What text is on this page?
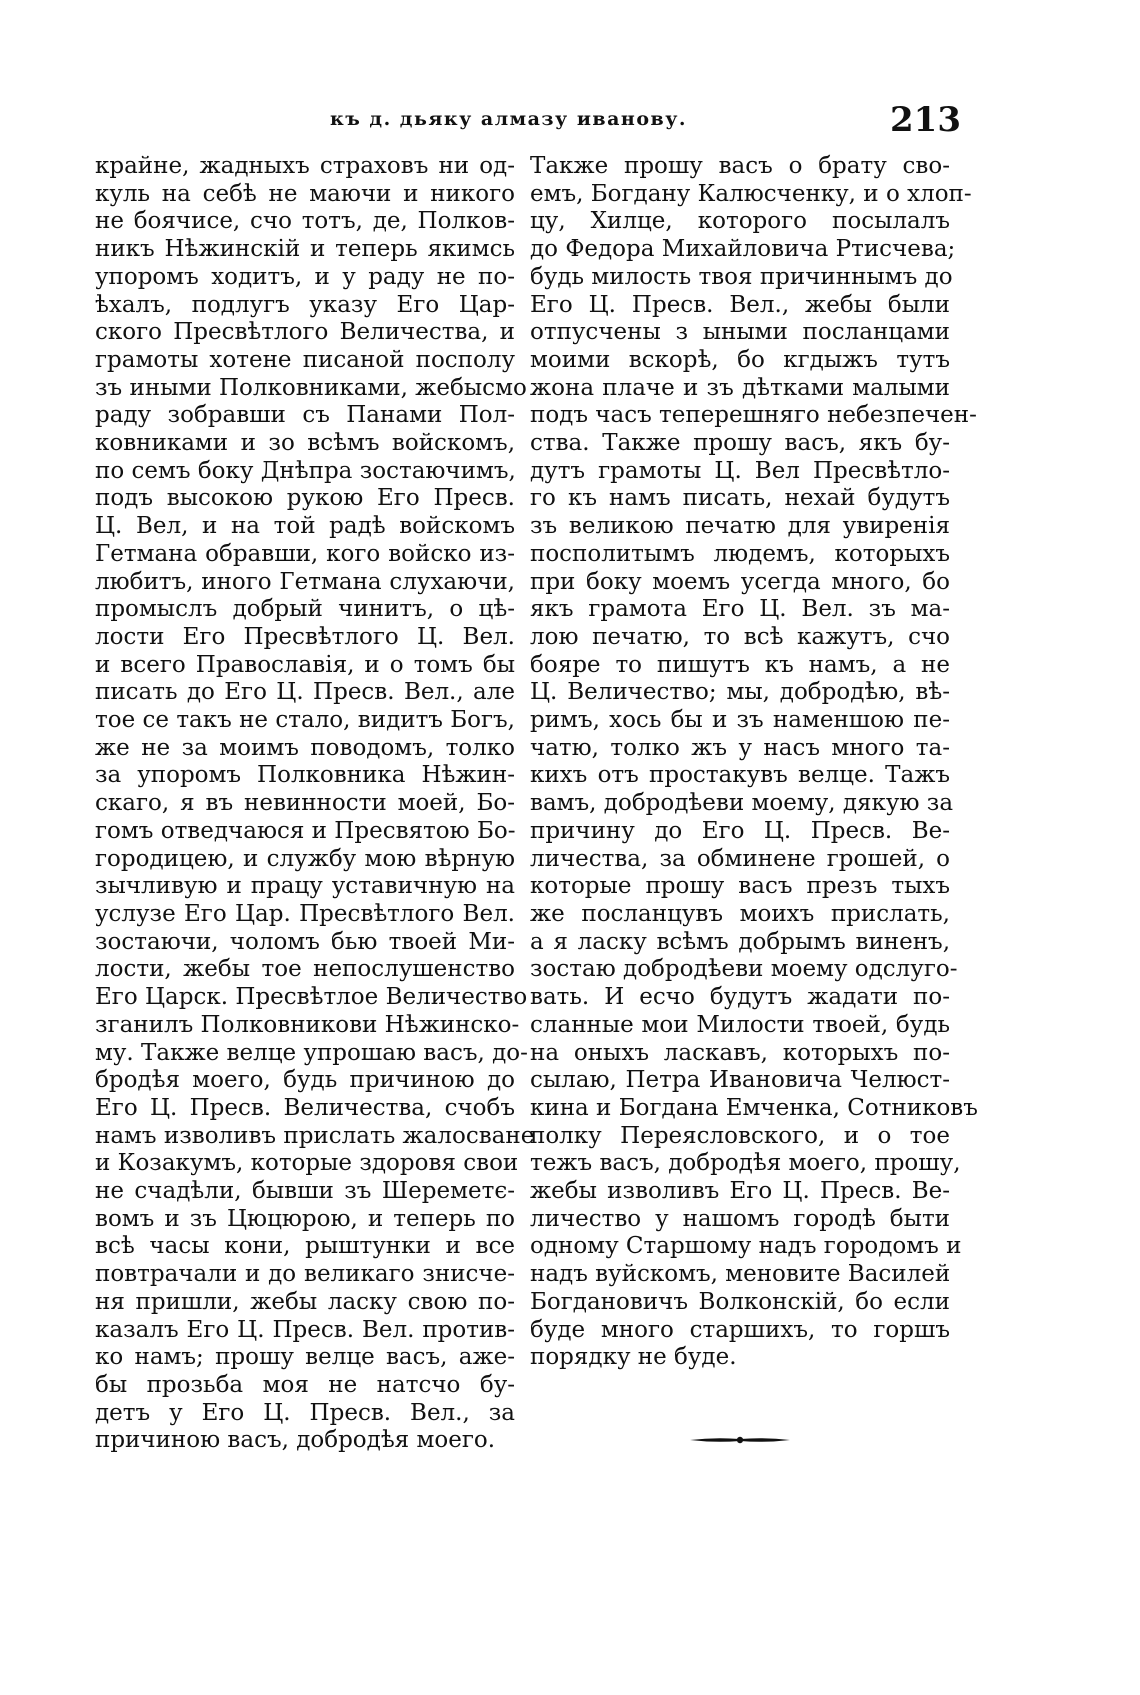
къ д. дьяку алмазу иванову.	213
крайне, жадныхъ страховъ ни од-
куль на себѣ не маючи и никого
не боячисе, счо тотъ, де, Полков-
никъ Нѣжинскій и теперь якимсь
упоромъ ходитъ, и у раду не по-
ѣхалъ, подлугъ указу Его Цар-
ского Пресвѣтлого Величества, и
грамоты хотене писаной посполу
зъ иными Полковниками, жебысмо
раду зобравши съ Панами Пол-
ковниками и зо всѣмъ войскомъ,
по семъ боку Днѣпра зостаючимъ,
подъ высокою рукою Его Пресв.
Ц. Вел, и на той радѣ войскомъ
Гетмана обравши, кого войско из-
любитъ, иного Гетмана слухаючи,
промыслъ добрый чинитъ, о цѣ-
лости Его Пресвѣтлого Ц. Вел.
и всего Православія, и о томъ бы
писать до Его Ц. Пресв. Вел., але
тое се такъ не стало, видитъ Богъ,
же не за моимъ поводомъ, толко
за упоромъ Полковника Нѣжин-
скаго, я въ невинности моей, Бо-
гомъ отведчаюся и Пресвятою Бо-
городицею, и службу мою вѣрную
зычливую и працу уставичную на
услузе Его Цар. Пресвѣтлого Вел.
зостаючи, чоломъ бью твоей Ми-
лости, жебы тое непослушенство
Его Царск. Пресвѣтлое Величество
зганилъ Полковникови Нѣжинско-
му. Также велце упрошаю васъ, до-
бродѣя моего, будь причиною до
Его Ц. Пресв. Величества, счобъ
намъ изволивъ прислать жалоcване
и Козакумъ, которые здоровя свои
не счадѣли, бывши зъ Шереметє-
вомъ и зъ Цюцюрою, и теперь по
всѣ часы кони, рыштунки и все
повтрачали и до великаго знисче-
ня пришли, жебы ласку свою по-
казалъ Его Ц. Пресв. Вел. против-
ко намъ; прошу велце васъ, аже-
бы прозьба моя не натсчо бу-
детъ у Его Ц. Пресв. Вел., за
причиною васъ, добродѣя моего.
Также прошу васъ о брату сво-
емъ, Богдану Калюсченку, и о хлоп-
цу, Хилце, которого посылалъ
до Федора Михайловича Ртисчева;
будь милость твоя причиннымъ до
Его Ц. Пресв. Вел., жебы были
отпусчены з ыными посланцами
моими вскорѣ, бо кгдыжъ тутъ
жона плаче и зъ дѣтками малыми
подъ часъ теперешняго небезпечен-
ства. Также прошу васъ, якъ бу-
дутъ грамоты Ц. Вел Пресвѣтло-
го къ намъ писать, нехай будутъ
зъ великою печатю для увиренія
посполитымъ людемъ, которыхъ
при боку моемъ усегда много, бо
якъ грамота Его Ц. Вел. зъ ма-
лою печатю, то всѣ кажутъ, счо
бояре то пишутъ къ намъ, а не
Ц. Величество; мы, добродѣю, вѣ-
римъ, хось бы и зъ наменшою пе-
чатю, толко жъ у насъ много та-
кихъ отъ простакувъ велце. Тажъ
вамъ, добродѣеви моему, дякую за
причину до Его Ц. Пресв. Ве-
личества, за обминене грошей, о
которые прошу васъ презъ тыхъ
же посланцувъ моихъ прислать,
а я ласку всѣмъ добрымъ виненъ,
зостаю добродѣеви моему одслуго-
вать. И есчо будутъ жадати по-
сланные мои Милости твоей, будь
на оныхъ ласкавъ, которыхъ по-
сылаю, Петра Ивановича Челюст-
кина и Богдана Емченка, Сотниковъ
полку Переясловского, и о тое
тежъ васъ, добродѣя моего, прошу,
жебы изволивъ Его Ц. Пресв. Ве-
личество у нашомъ городѣ быти
одному Старшому надъ городомъ и
надъ вуйскомъ, меновите Василей
Богдановичъ Волконскій, бо если
буде много старшихъ, то горшъ
порядку не буде.
